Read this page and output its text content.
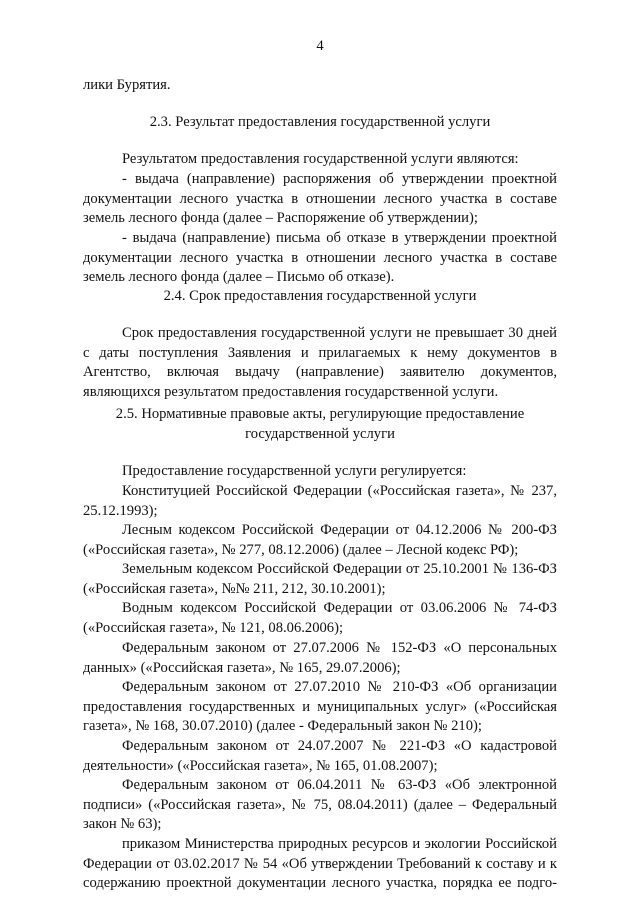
4

лики Бурятия.

2.3. Результат предоставления государственной услуги

Результатом предоставления государственной услуги являются:

- выдача (направление) распоряжения об утверждении проектной документации лесного участка в отношении лесного участка в составе земель лесного фонда (далее – Распоряжение об утверждении);

- выдача (направление) письма об отказе в утверждении проектной документации лесного участка в отношении лесного участка в составе земель лесного фонда (далее – Письмо об отказе).

2.4. Срок предоставления государственной услуги

Срок предоставления государственной услуги не превышает 30 дней с даты поступления Заявления и прилагаемых к нему документов в Агентство, включая выдачу (направление) заявителю документов, являющихся результатом предоставления государственной услуги.

2.5. Нормативные правовые акты, регулирующие предоставление
государственной услуги

Предоставление государственной услуги регулируется:

Конституцией Российской Федерации («Российская газета», № 237, 25.12.1993);

Лесным кодексом Российской Федерации от 04.12.2006 № 200-ФЗ («Российская газета», № 277, 08.12.2006) (далее – Лесной кодекс РФ);

Земельным кодексом Российской Федерации от 25.10.2001 № 136-ФЗ («Российская газета», №№ 211, 212, 30.10.2001);

Водным кодексом Российской Федерации от 03.06.2006 № 74-ФЗ («Российская газета», № 121, 08.06.2006);

Федеральным законом от 27.07.2006 № 152-ФЗ «О персональных данных» («Российская газета», № 165, 29.07.2006);

Федеральным законом от 27.07.2010 № 210-ФЗ «Об организации предоставления государственных и муниципальных услуг» («Российская газета», № 168, 30.07.2010) (далее - Федеральный закон № 210);

Федеральным законом от 24.07.2007 № 221-ФЗ «О кадастровой деятельности» («Российская газета», № 165, 01.08.2007);

Федеральным законом от 06.04.2011 № 63-ФЗ «Об электронной подписи» («Российская газета», № 75, 08.04.2011) (далее – Федеральный закон № 63);

приказом Министерства природных ресурсов и экологии Российской Федерации от 03.02.2017 № 54 «Об утверждении Требований к составу и к содержанию проектной документации лесного участка, порядка ее подго-
